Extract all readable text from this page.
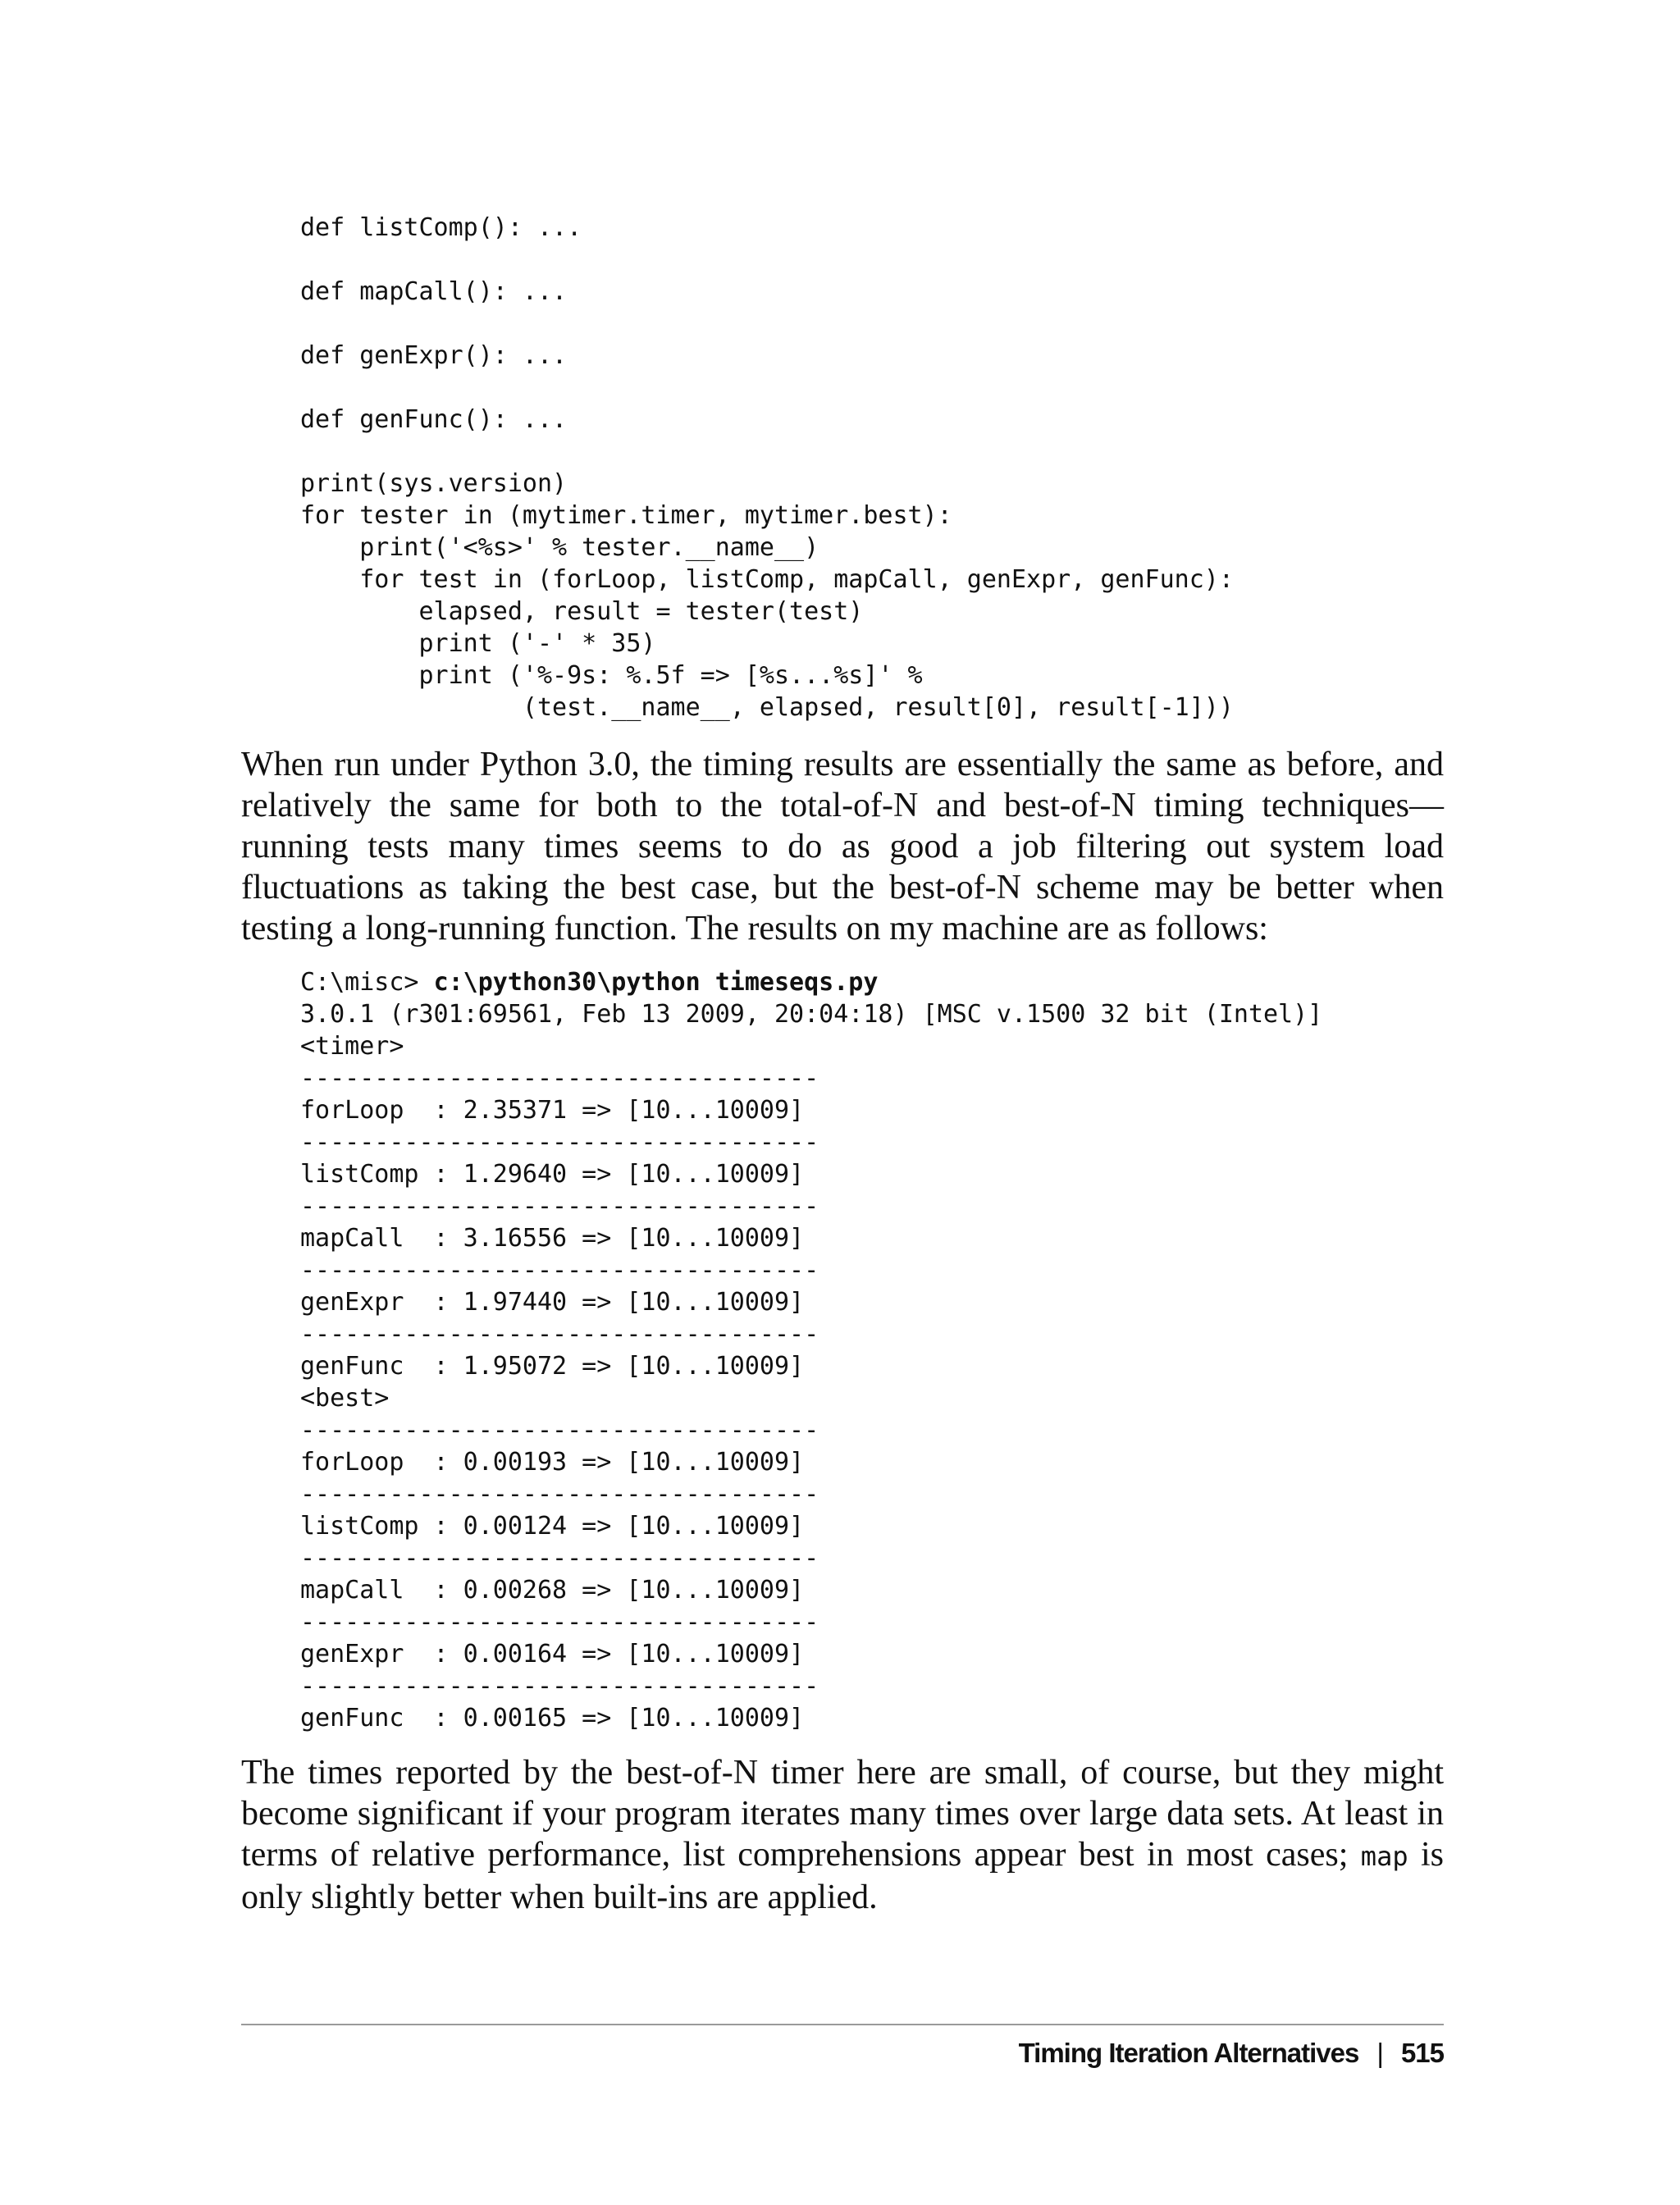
def listComp(): ...
def mapCall(): ...
def genExpr(): ...
def genFunc(): ...
print(sys.version)
for tester in (mytimer.timer, mytimer.best):
print('<%s>' % tester.__name__)
for test in (forLoop, listComp, mapCall, genExpr, genFunc):
elapsed, result = tester(test)
print ('-' * 35)
print ('%-9s: %.5f => [%s...%s]' %
(test.__name__, elapsed, result[0], result[-1]))

When run under Python 3.0, the timing results are essentially the same as before, and relatively the same for both to the total-of-N and best-of-N timing techniques—running tests many times seems to do as good a job filtering out system load fluctuations as taking the best case, but the best-of-N scheme may be better when testing a long-running function. The results on my machine are as follows:

C:\misc> c:\python30\python timeseqs.py
3.0.1 (r301:69561, Feb 13 2009, 20:04:18) [MSC v.1500 32 bit (Intel)]
<timer>
-----------------------------------
forLoop  : 2.35371 => [10...10009]
-----------------------------------
listComp : 1.29640 => [10...10009]
-----------------------------------
mapCall  : 3.16556 => [10...10009]
-----------------------------------
genExpr  : 1.97440 => [10...10009]
-----------------------------------
genFunc  : 1.95072 => [10...10009]
<best>
-----------------------------------
forLoop  : 0.00193 => [10...10009]
-----------------------------------
listComp : 0.00124 => [10...10009]
-----------------------------------
mapCall  : 0.00268 => [10...10009]
-----------------------------------
genExpr  : 0.00164 => [10...10009]
-----------------------------------
genFunc  : 0.00165 => [10...10009]

The times reported by the best-of-N timer here are small, of course, but they might become significant if your program iterates many times over large data sets. At least in terms of relative performance, list comprehensions appear best in most cases; map is only slightly better when built-ins are applied.

Timing Iteration Alternatives | 515
